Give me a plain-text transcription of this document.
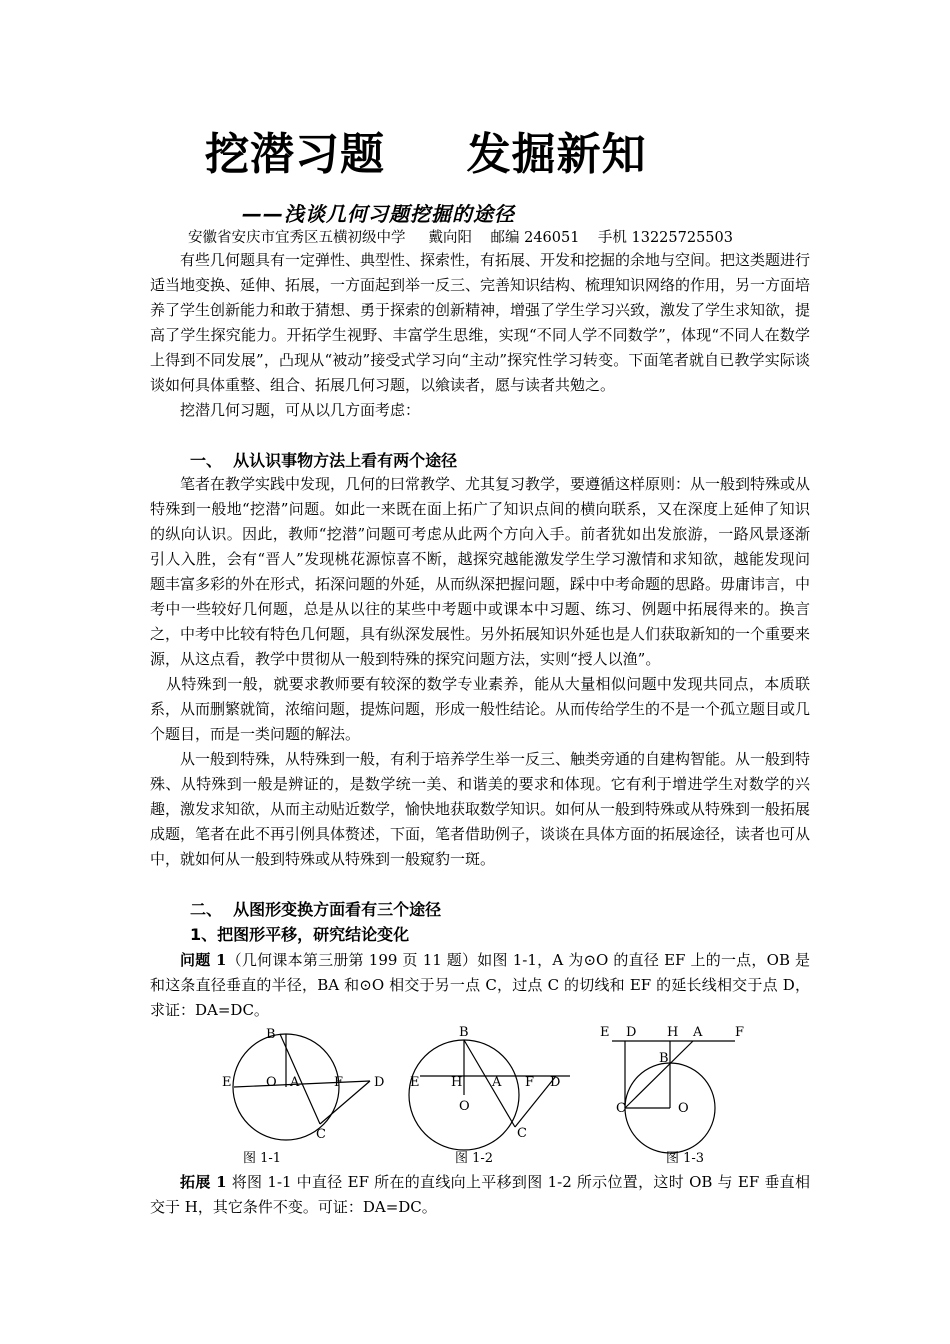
挖潜习题     发掘新知
——浅谈几何习题挖掘的途径
安徽省安庆市宜秀区五横初级中学     戴向阳    邮编 246051    手机 13225725503

有些几何题具有一定弹性、典型性、探索性，有拓展、开发和挖掘的余地与空间。把这类题进行适当地变换、延伸、拓展，一方面起到举一反三、完善知识结构、梳理知识网络的作用，另一方面培养了学生创新能力和敢于猜想、勇于探索的创新精神，增强了学生学习兴致，激发了学生求知欲，提高了学生探究能力。开拓学生视野、丰富学生思维，实现“不同人学不同数学”，体现“不同人在数学上得到不同发展”，凸现从“被动”接受式学习向“主动”探究性学习转变。下面笔者就自已教学实际谈谈如何具体重整、组合、拓展几何习题，以飨读者，愿与读者共勉之。

挖潜几何习题，可从以几方面考虑：

一、  从认识事物方法上看有两个途径

笔者在教学实践中发现，几何的曰常教学、尤其复习教学，要遵循这样原则：从一般到特殊或从特殊到一般地“挖潜”问题。如此一来既在面上拓广了知识点间的横向联系，又在深度上延伸了知识的纵向认识。因此，教师“挖潜”问题可考虑从此两个方向入手。前者犹如出发旅游，一路风景逐渐引人入胜，会有“晋人”发现桃花源惊喜不断，越探究越能激发学生学习激情和求知欲，越能发现问题丰富多彩的外在形式，拓深问题的外延，从而纵深把握问题，踩中中考命题的思路。毋庸讳言，中考中一些较好几何题，总是从以往的某些中考题中或课本中习题、练习、例题中拓展得来的。换言之，中考中比较有特色几何题，具有纵深发展性。另外拓展知识外延也是人们获取新知的一个重要来源，从这点看，教学中贯彻从一般到特殊的探究问题方法，实则“授人以渔”。

从特殊到一般，就要求教师要有较深的数学专业素养，能从大量相似问题中发现共同点，本质联系，从而删繁就简，浓缩问题，提炼问题，形成一般性结论。从而传给学生的不是一个孤立题目或几个题目，而是一类问题的解法。

从一般到特殊，从特殊到一般，有利于培养学生举一反三、触类旁通的自建构智能。从一般到特殊、从特殊到一般是辨证的，是数学统一美、和谐美的要求和体现。它有利于增进学生对数学的兴趣，激发求知欲，从而主动贴近数学，愉快地获取数学知识。如何从一般到特殊或从特殊到一般拓展成题，笔者在此不再引例具体赘述，下面，笔者借助例子，谈谈在具体方面的拓展途径，读者也可从中，就如何从一般到特殊或从特殊到一般窥豹一斑。

二、  从图形变换方面看有三个途径
1、把图形平移，研究结论变化

问题 1（几何课本第三册第 199 页 11 题）如图 1-1，A 为⊙O 的直径 EF 上的一点，OB 是和这条直径垂直的半径，BA 和⊙O 相交于另一点 C，过点 C 的切线和 EF 的延长线相交于点 D，求证：DA=DC。

B
E	O A	F D
C
图 1-1
B
E H A F D
O
C
图 1-2
E D H A	F
B
C	O
图 1-3

拓展 1 将图 1-1 中直径 EF 所在的直线向上平移到图 1-2 所示位置，这时 OB 与 EF 垂直相交于 H，其它条件不变。可证：DA=DC。
